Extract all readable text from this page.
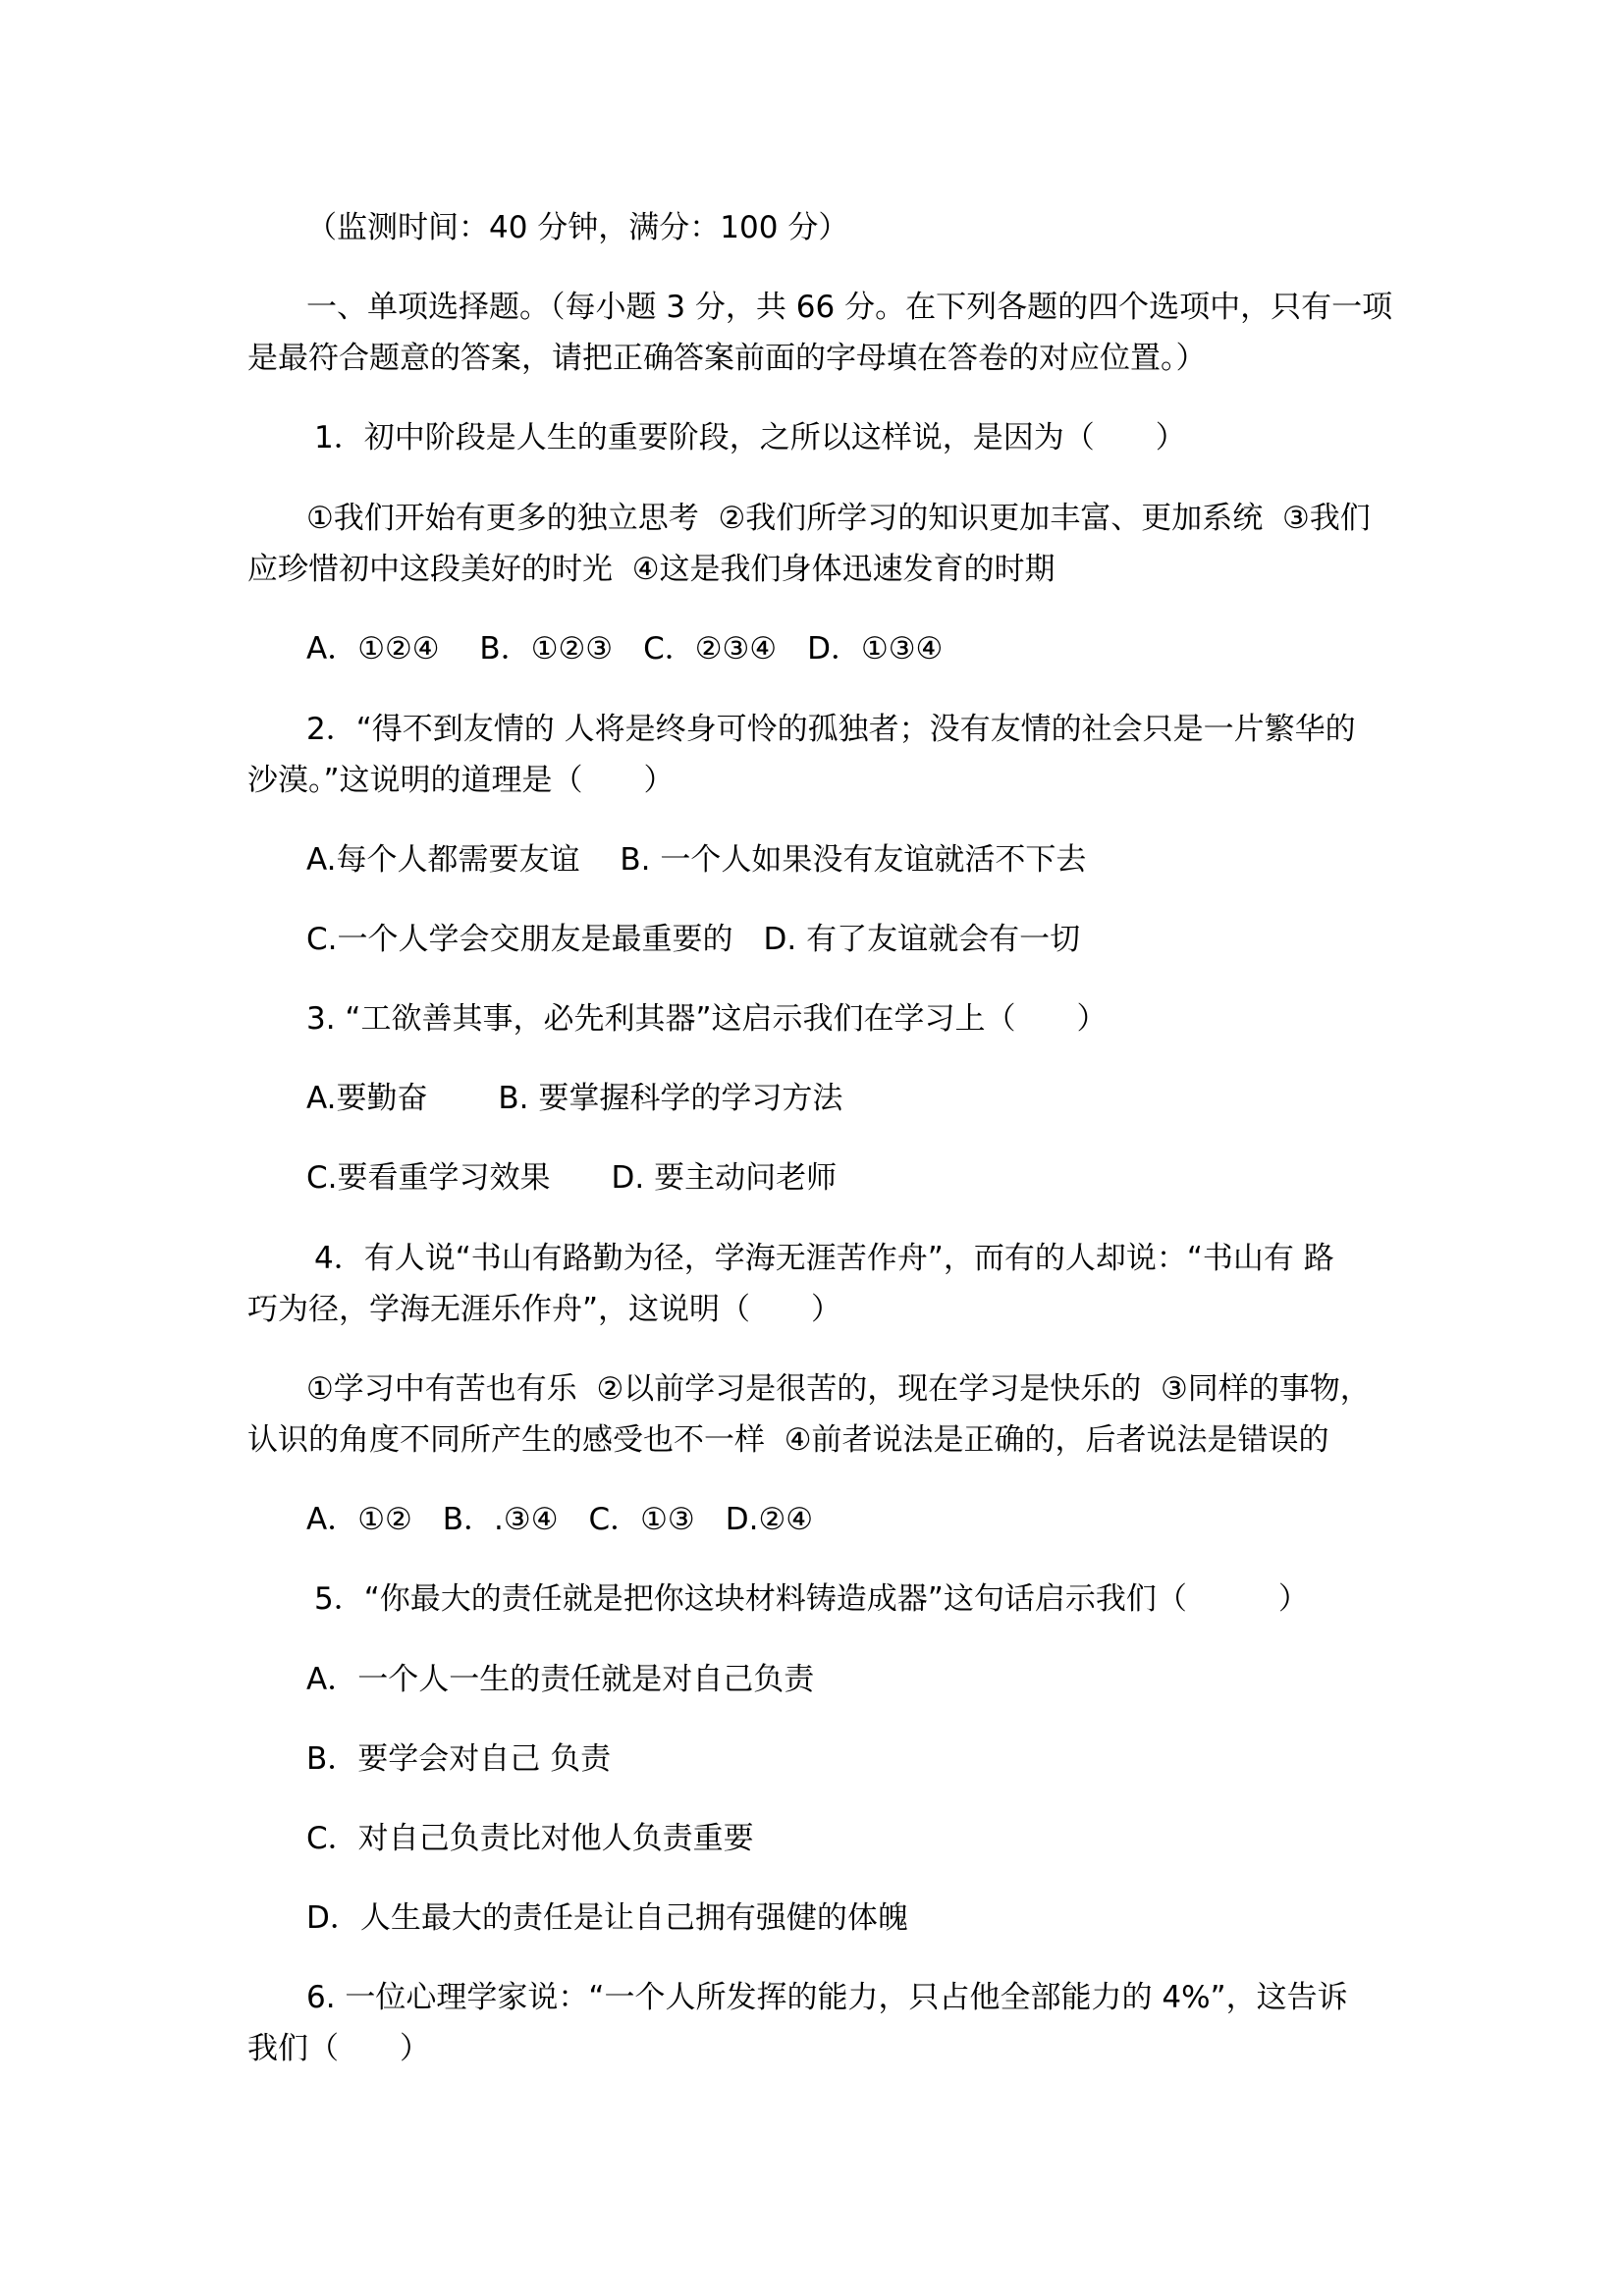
（监测时间：40 分钟，满分：100 分）
一、单项选择题。（每小题 3 分，共 66 分。在下列各题的四个选项中，只有一项
是最符合题意的答案，请把正确答案前面的字母填在答卷的对应位置。）
1．初中阶段是人生的重要阶段，之所以这样说，是因为（　　）
①我们开始有更多的独立思考  ②我们所学习的知识更加丰富、更加系统  ③我们
应珍惜初中这段美好的时光  ④这是我们身体迅速发育的时期
A．①②④　 B．①②③　C．②③④　D．①③④
2．“得不到友情的 人将是终身可怜的孤独者；没有友情的社会只是一片繁华的
沙漠。”这说明的道理是（　　）
A.每个人都需要友谊　 B. 一个人如果没有友谊就活不下去
C.一个人学会交朋友是最重要的　D. 有了友谊就会有一切
3. “工欲善其事，必先利其器”这启示我们在学习上（　　）
A.要勤奋　　 B. 要掌握科学的学习方法
C.要看重学习效果　　D. 要主动问老师
4．有人说“书山有路勤为径，学海无涯苦作舟”，而有的人却说：“书山有 路
巧为径，学海无涯乐作舟”，这说明（　　）
①学习中有苦也有乐  ②以前学习是很苦的，现在学习是快乐的  ③同样的事物，
认识的角度不同所产生的感受也不一样  ④前者说法是正确的，后者说法是错误的
A．①②　B．.③④　C．①③　D.②④
5．“你最大的责任就是把你这块材料铸造成器”这句话启示我们（　　　）
A．一个人一生的责任就是对自己负责
B．要学会对自己 负责
C．对自己负责比对他人负责重要
D．人生最大的责任是让自己拥有强健的体魄
6. 一位心理学家说：“一个人所发挥的能力，只占他全部能力的 4%”，这告诉
我们（　　）
